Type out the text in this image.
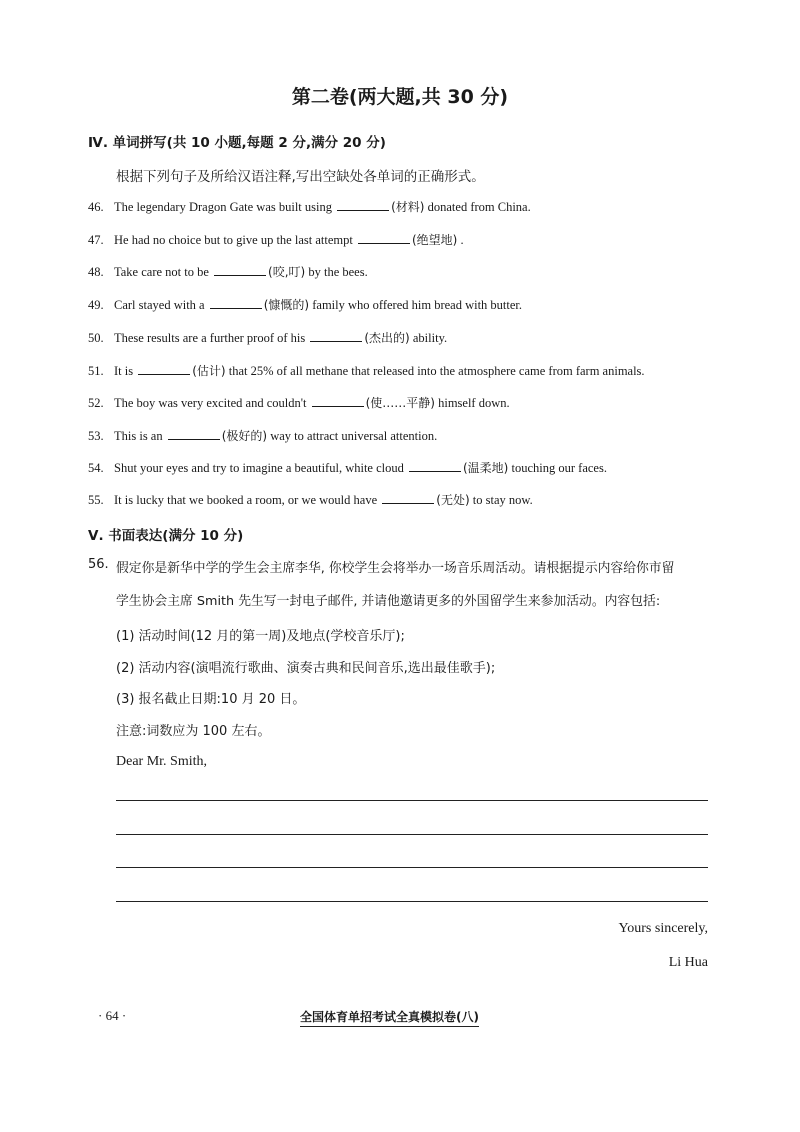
第二卷(两大题,共 30 分)
Ⅳ. 单词拼写(共 10 小题,每题 2 分,满分 20 分)
根据下列句子及所给汉语注释,写出空缺处各单词的正确形式。
46. The legendary Dragon Gate was built using	(材料) donated from China.
47. He had no choice but to give up the last attempt	(绝望地) .
48. Take care not to be	(咬,叮) by the bees.
49. Carl stayed with a	(慷慨的) family who offered him bread with butter.
50. These results are a further proof of his	(杰出的) ability.
51. It is	(估计) that 25% of all methane that released into the atmosphere came from farm animals.
52. The boy was very excited and couldn't	(使……平静) himself down.
53. This is an	(极好的) way to attract universal attention.
54. Shut your eyes and try to imagine a beautiful, white cloud	(温柔地) touching our faces.
55. It is lucky that we booked a room, or we would have	(无处) to stay now.
Ⅴ. 书面表达(满分 10 分)
56. 假定你是新华中学的学生会主席李华, 你校学生会将举办一场音乐周活动。请根据提示内容给你市留
学生协会主席 Smith 先生写一封电子邮件, 并请他邀请更多的外国留学生来参加活动。内容包括:
(1) 活动时间(12 月的第一周)及地点(学校音乐厅);
(2) 活动内容(演唱流行歌曲、演奏古典和民间音乐,选出最佳歌手);
(3) 报名截止日期:10 月 20 日。
注意:词数应为 100 左右。
Dear Mr. Smith,
Yours sincerely,
Li Hua
· 64 ·	全国体育单招考试全真模拟卷(八)
